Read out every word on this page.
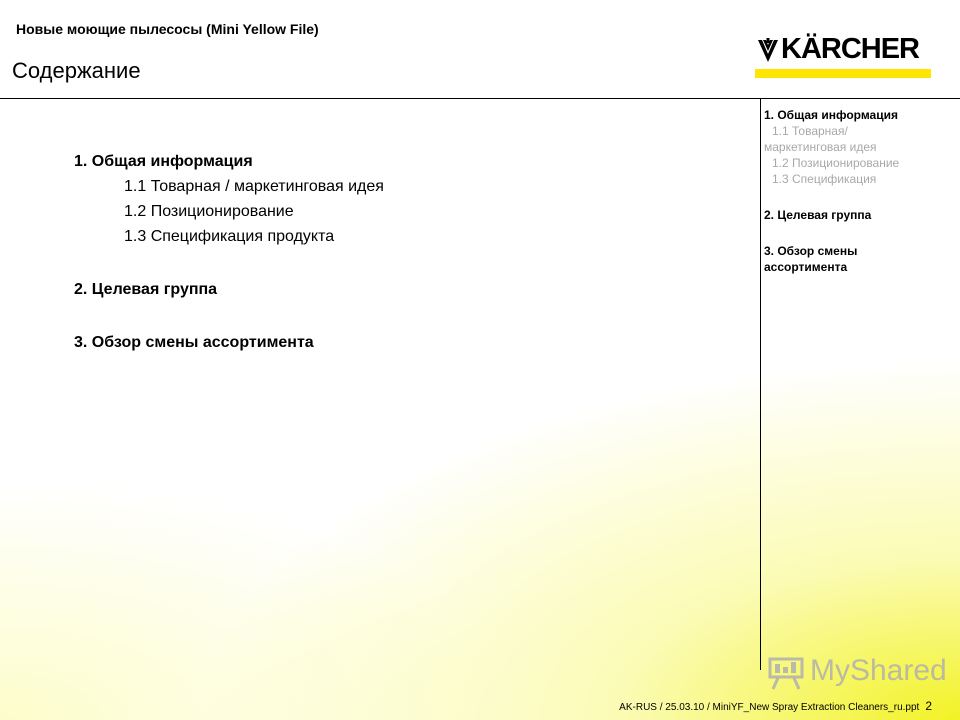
Новые моющие пылесосы (Mini Yellow File)
Содержание
KÄRCHER
1. Общая информация
1.1 Товарная / маркетинговая идея
1.2 Позиционирование
1.3 Спецификация продукта
2. Целевая группа
3. Обзор смены ассортимента
1. Общая информация
1.1 Товарная/
маркетинговая идея
1.2 Позиционирование
1.3 Спецификация
2. Целевая группа
3. Обзор смены
ассортимента
MyShared
AK-RUS / 25.03.10 / MiniYF_New Spray Extraction Cleaners_ru.ppt 2
